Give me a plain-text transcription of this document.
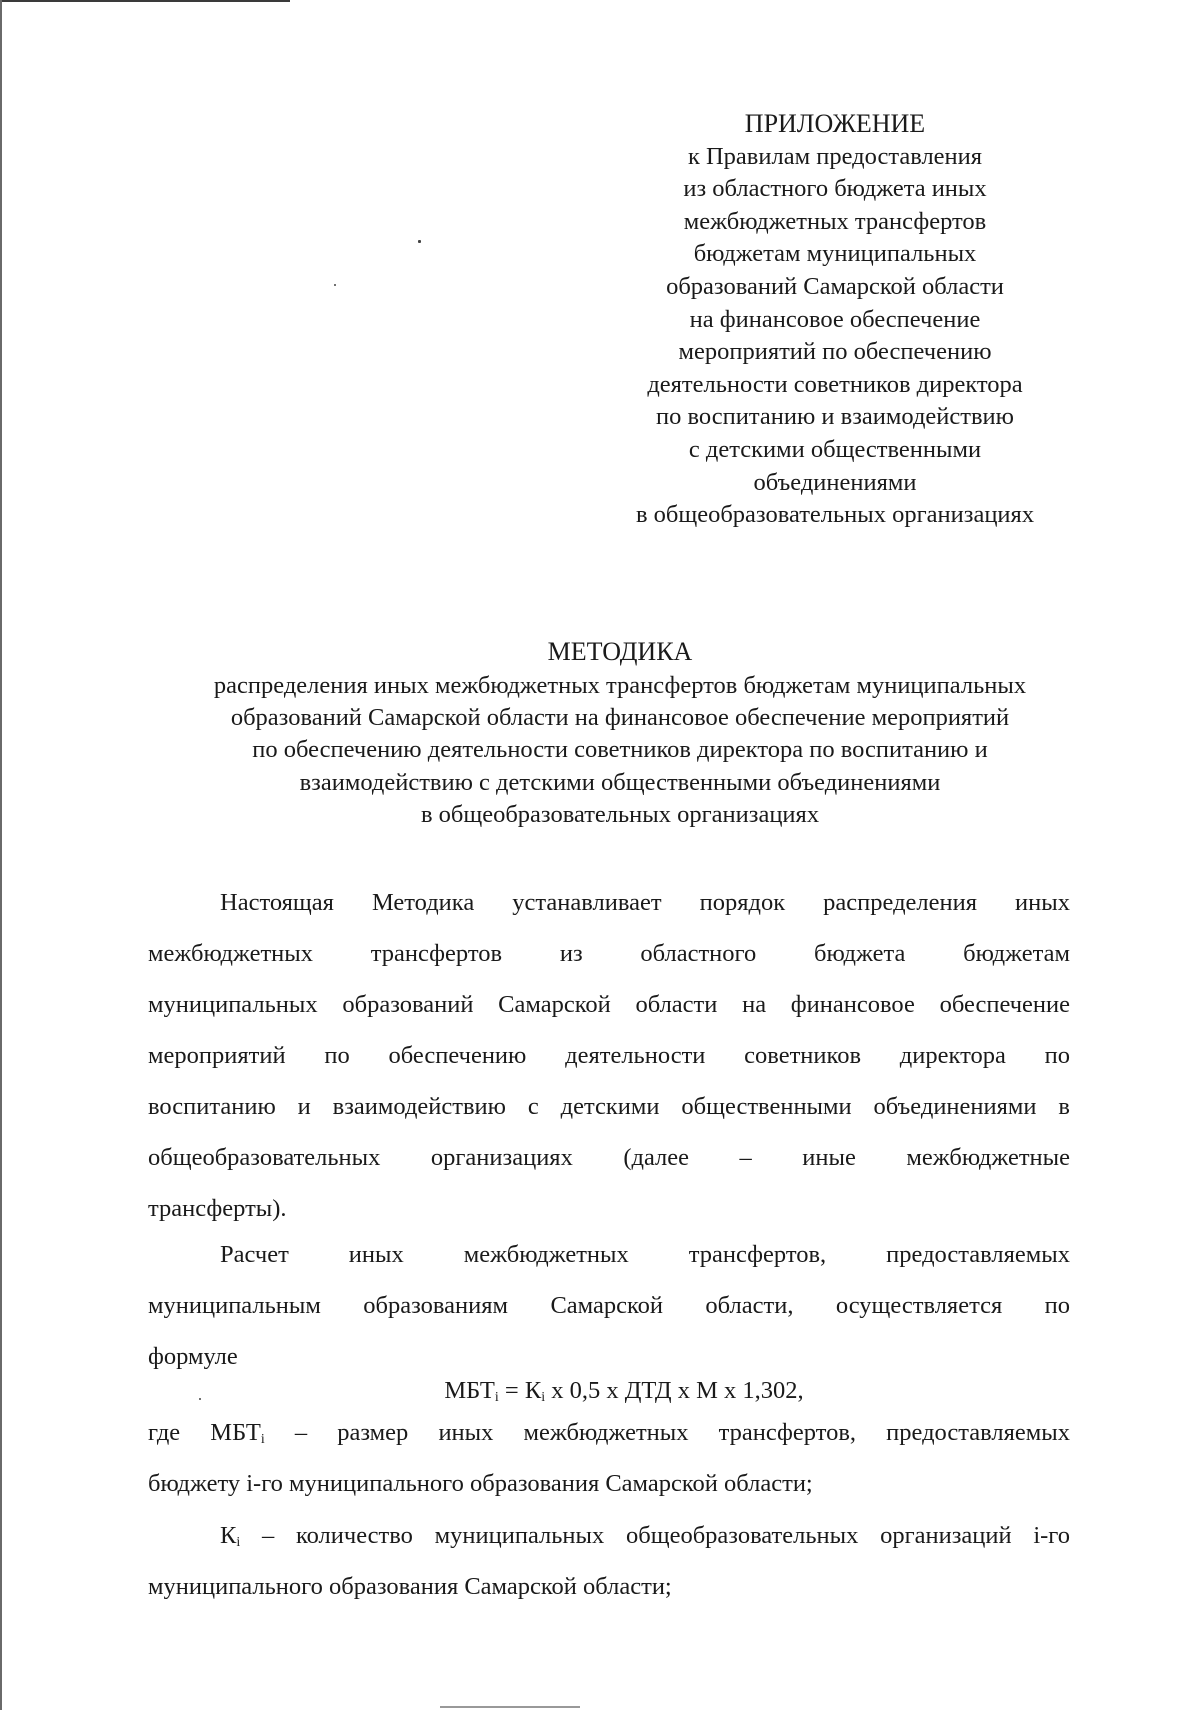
ПРИЛОЖЕНИЕ
к Правилам предоставления
из областного бюджета иных
межбюджетных трансфертов
бюджетам муниципальных
образований Самарской области
на финансовое обеспечение
мероприятий по обеспечению
деятельности советников директора
по воспитанию и взаимодействию
с детскими общественными
объединениями
в общеобразовательных организациях
МЕТОДИКА
распределения иных межбюджетных трансфертов бюджетам муниципальных
образований Самарской области на финансовое обеспечение мероприятий
по обеспечению деятельности советников директора по воспитанию и
взаимодействию с детскими общественными объединениями
в общеобразовательных организациях
Настоящая Методика устанавливает порядок распределения иных
межбюджетных трансфертов из областного бюджета бюджетам
муниципальных образований Самарской области на финансовое обеспечение
мероприятий по обеспечению деятельности советников директора по
воспитанию и взаимодействию с детскими общественными объединениями в
общеобразовательных организациях (далее – иные межбюджетные
трансферты).
Расчет иных межбюджетных трансфертов, предоставляемых
муниципальным образованиям Самарской области, осуществляется по
формуле
$МБТ_i = К_i$ х 0,5 х ДТД х М х 1,302,
где $МБТ_i$ – размер иных межбюджетных трансфертов, предоставляемых
бюджету i-го муниципального образования Самарской области;
$К_i$ – количество муниципальных общеобразовательных организаций i-го
муниципального образования Самарской области;
